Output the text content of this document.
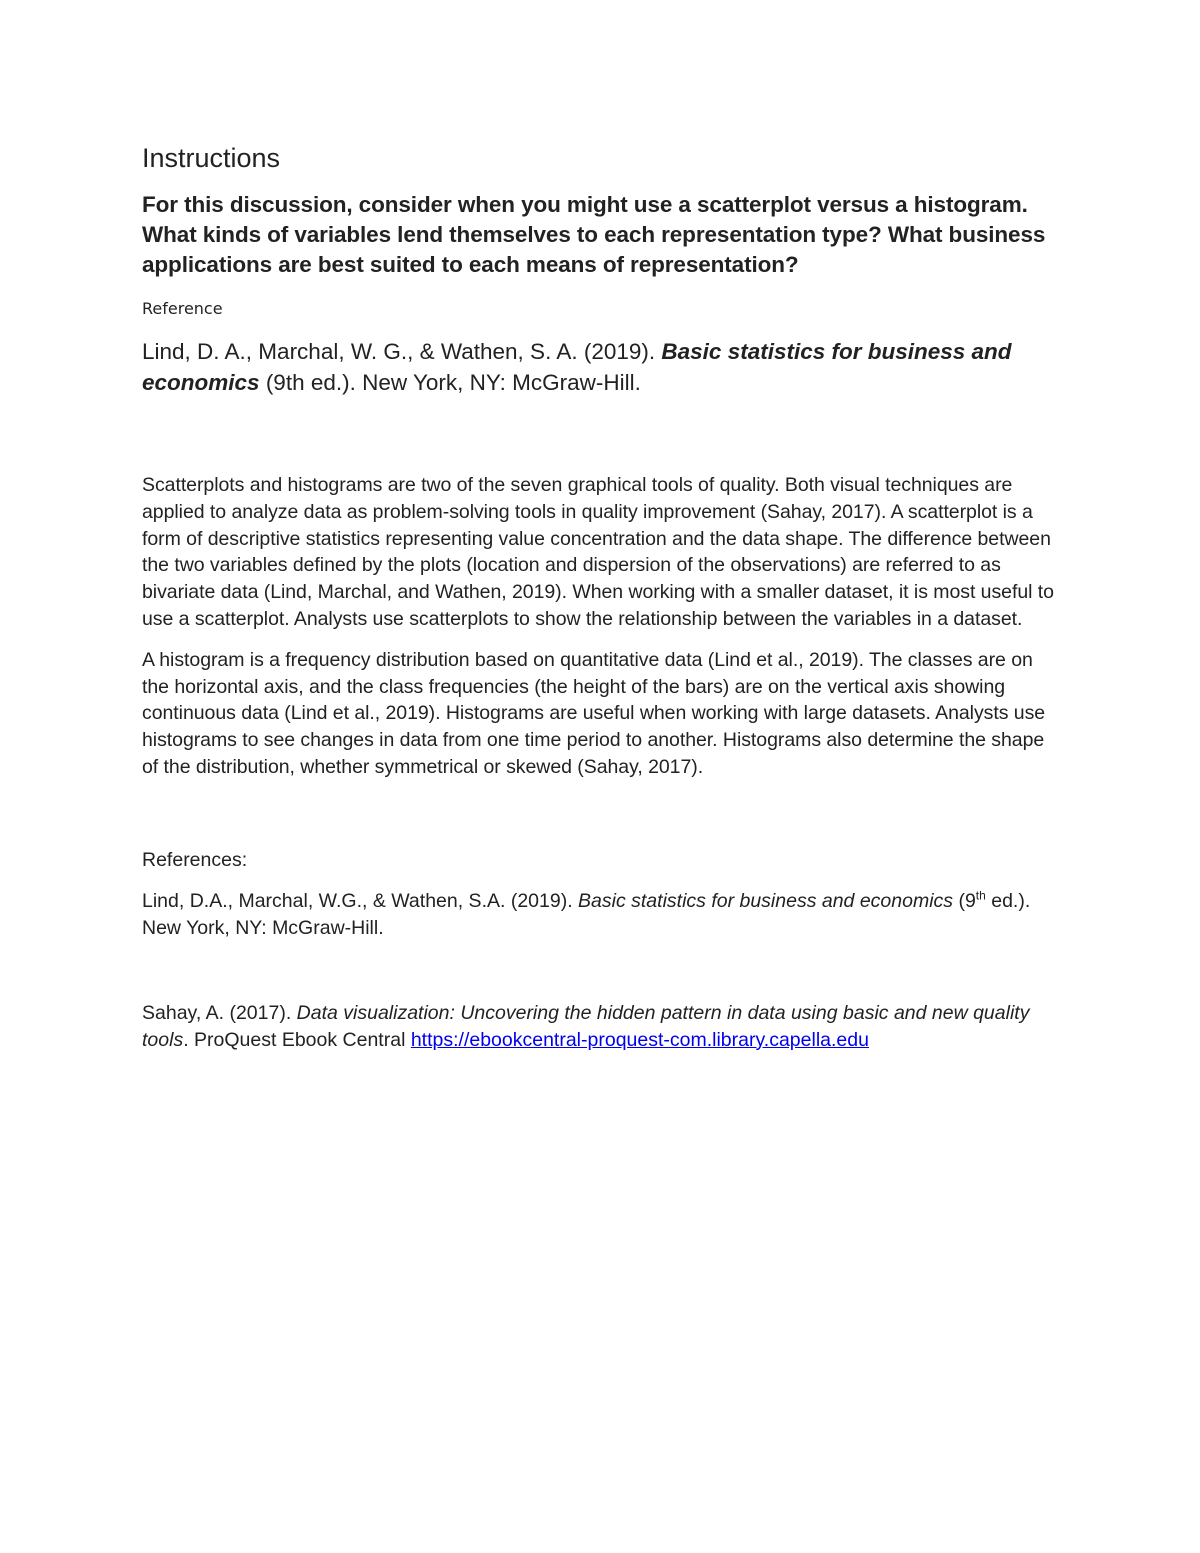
Instructions
For this discussion, consider when you might use a scatterplot versus a histogram. What kinds of variables lend themselves to each representation type? What business applications are best suited to each means of representation?
Reference
Lind, D. A., Marchal, W. G., & Wathen, S. A. (2019). Basic statistics for business and economics (9th ed.). New York, NY: McGraw-Hill.

Scatterplots and histograms are two of the seven graphical tools of quality. Both visual techniques are applied to analyze data as problem-solving tools in quality improvement (Sahay, 2017). A scatterplot is a form of descriptive statistics representing value concentration and the data shape. The difference between the two variables defined by the plots (location and dispersion of the observations) are referred to as bivariate data (Lind, Marchal, and Wathen, 2019). When working with a smaller dataset, it is most useful to use a scatterplot. Analysts use scatterplots to show the relationship between the variables in a dataset.

A histogram is a frequency distribution based on quantitative data (Lind et al., 2019). The classes are on the horizontal axis, and the class frequencies (the height of the bars) are on the vertical axis showing continuous data (Lind et al., 2019). Histograms are useful when working with large datasets. Analysts use histograms to see changes in data from one time period to another. Histograms also determine the shape of the distribution, whether symmetrical or skewed (Sahay, 2017).

References:
Lind, D.A., Marchal, W.G., & Wathen, S.A. (2019). Basic statistics for business and economics (9th ed.). New York, NY: McGraw-Hill.
Sahay, A. (2017). Data visualization: Uncovering the hidden pattern in data using basic and new quality tools. ProQuest Ebook Central https://ebookcentral-proquest-com.library.capella.edu
